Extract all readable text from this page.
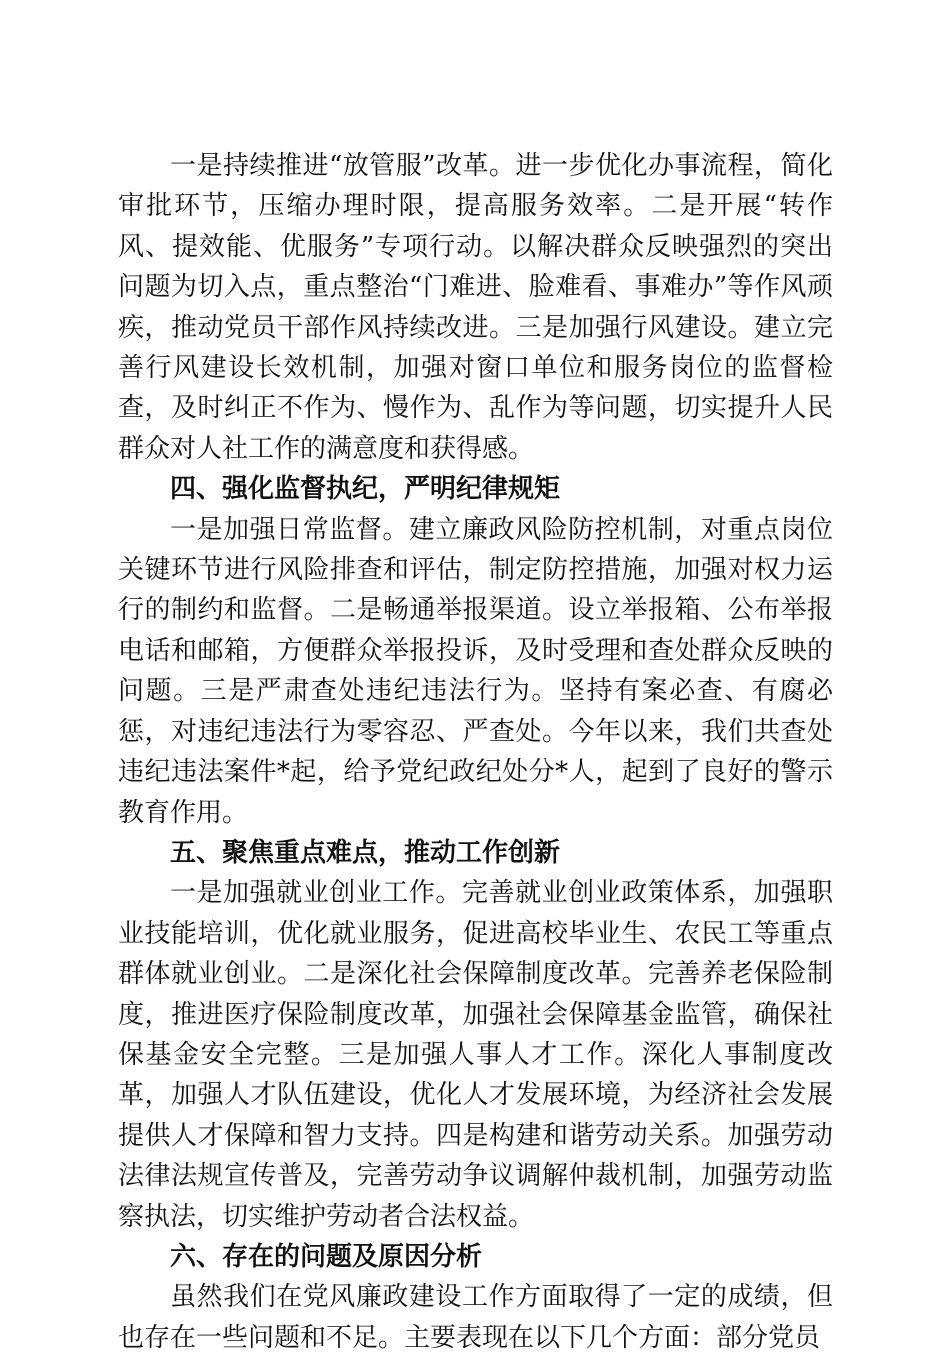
一是持续推进“放管服”改革。进一步优化办事流程，简化审批环节，压缩办理时限，提高服务效率。二是开展“转作风、提效能、优服务”专项行动。以解决群众反映强烈的突出问题为切入点，重点整治“门难进、脸难看、事难办”等作风顽疾，推动党员干部作风持续改进。三是加强行风建设。建立完善行风建设长效机制，加强对窗口单位和服务岗位的监督检查，及时纠正不作为、慢作为、乱作为等问题，切实提升人民群众对人社工作的满意度和获得感。

四、强化监督执纪，严明纪律规矩

一是加强日常监督。建立廉政风险防控机制，对重点岗位关键环节进行风险排查和评估，制定防控措施，加强对权力运行的制约和监督。二是畅通举报渠道。设立举报箱、公布举报电话和邮箱，方便群众举报投诉，及时受理和查处群众反映的问题。三是严肃查处违纪违法行为。坚持有案必查、有腐必惩，对违纪违法行为零容忍、严查处。今年以来，我们共查处违纪违法案件*起，给予党纪政纪处分*人，起到了良好的警示教育作用。

五、聚焦重点难点，推动工作创新

一是加强就业创业工作。完善就业创业政策体系，加强职业技能培训，优化就业服务，促进高校毕业生、农民工等重点群体就业创业。二是深化社会保障制度改革。完善养老保险制度，推进医疗保险制度改革，加强社会保障基金监管，确保社保基金安全完整。三是加强人事人才工作。深化人事制度改革，加强人才队伍建设，优化人才发展环境，为经济社会发展提供人才保障和智力支持。四是构建和谐劳动关系。加强劳动法律法规宣传普及，完善劳动争议调解仲裁机制，加强劳动监察执法，切实维护劳动者合法权益。

六、存在的问题及原因分析

虽然我们在党风廉政建设工作方面取得了一定的成绩，但也存在一些问题和不足。主要表现在以下几个方面：部分党员
